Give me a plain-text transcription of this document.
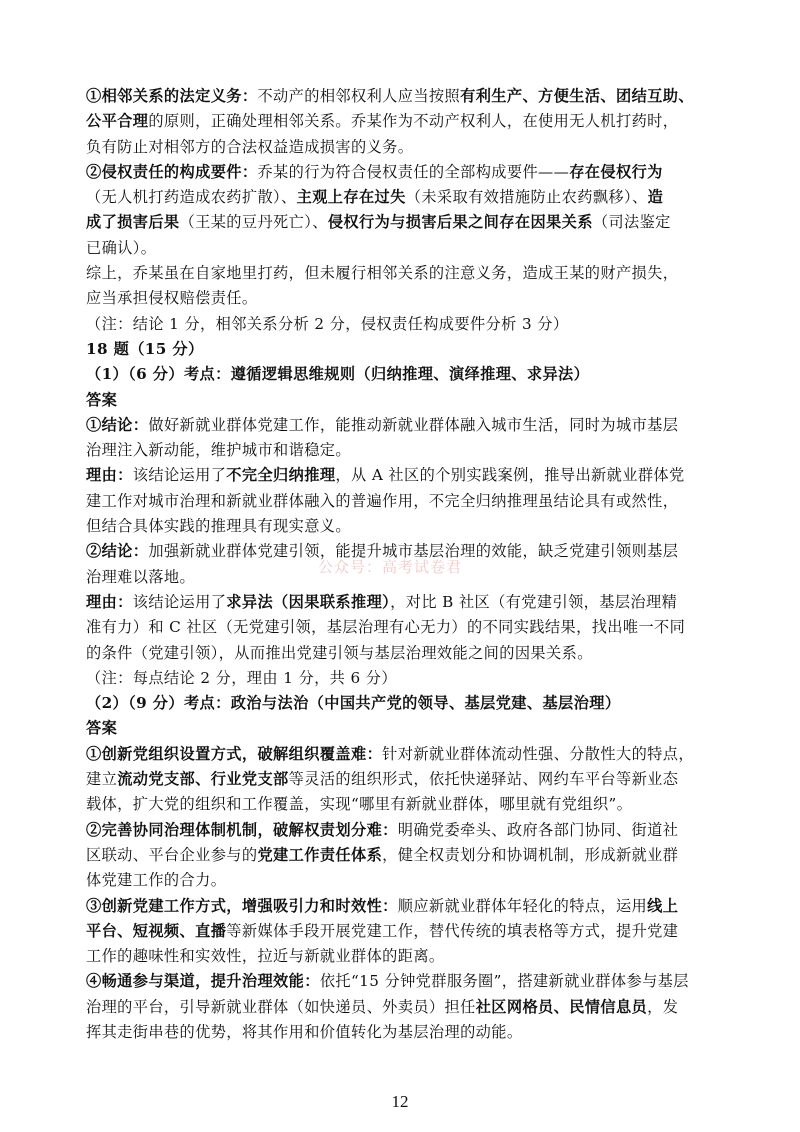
①相邻关系的法定义务：不动产的相邻权利人应当按照有利生产、方便生活、团结互助、
公平合理的原则，正确处理相邻关系。乔某作为不动产权利人，在使用无人机打药时，
负有防止对相邻方的合法权益造成损害的义务。
②侵权责任的构成要件：乔某的行为符合侵权责任的全部构成要件——存在侵权行为
（无人机打药造成农药扩散）、主观上存在过失（未采取有效措施防止农药飘移）、造
成了损害后果（王某的豆丹死亡）、侵权行为与损害后果之间存在因果关系（司法鉴定
已确认）。
综上，乔某虽在自家地里打药，但未履行相邻关系的注意义务，造成王某的财产损失，
应当承担侵权赔偿责任。
（注：结论 1 分，相邻关系分析 2 分，侵权责任构成要件分析 3 分）
18 题（15 分）
（1）（6 分）考点：遵循逻辑思维规则（归纳推理、演绎推理、求异法）
答案
①结论：做好新就业群体党建工作，能推动新就业群体融入城市生活，同时为城市基层
治理注入新动能，维护城市和谐稳定。
理由：该结论运用了不完全归纳推理，从 A 社区的个别实践案例，推导出新就业群体党
建工作对城市治理和新就业群体融入的普遍作用，不完全归纳推理虽结论具有或然性，
但结合具体实践的推理具有现实意义。
②结论：加强新就业群体党建引领，能提升城市基层治理的效能，缺乏党建引领则基层
治理难以落地。
理由：该结论运用了求异法（因果联系推理），对比 B 社区（有党建引领，基层治理精
准有力）和 C 社区（无党建引领，基层治理有心无力）的不同实践结果，找出唯一不同
的条件（党建引领），从而推出党建引领与基层治理效能之间的因果关系。
（注：每点结论 2 分，理由 1 分，共 6 分）
（2）（9 分）考点：政治与法治（中国共产党的领导、基层党建、基层治理）
答案
①创新党组织设置方式，破解组织覆盖难：针对新就业群体流动性强、分散性大的特点，
建立流动党支部、行业党支部等灵活的组织形式，依托快递驿站、网约车平台等新业态
载体，扩大党的组织和工作覆盖，实现“哪里有新就业群体，哪里就有党组织”。
②完善协同治理体制机制，破解权责划分难：明确党委牵头、政府各部门协同、街道社
区联动、平台企业参与的党建工作责任体系，健全权责划分和协调机制，形成新就业群
体党建工作的合力。
③创新党建工作方式，增强吸引力和时效性：顺应新就业群体年轻化的特点，运用线上
平台、短视频、直播等新媒体手段开展党建工作，替代传统的填表格等方式，提升党建
工作的趣味性和实效性，拉近与新就业群体的距离。
④畅通参与渠道，提升治理效能：依托“15 分钟党群服务圈”，搭建新就业群体参与基层
治理的平台，引导新就业群体（如快递员、外卖员）担任社区网格员、民情信息员，发
挥其走街串巷的优势，将其作用和价值转化为基层治理的动能。
公众号：高考试卷君
12
